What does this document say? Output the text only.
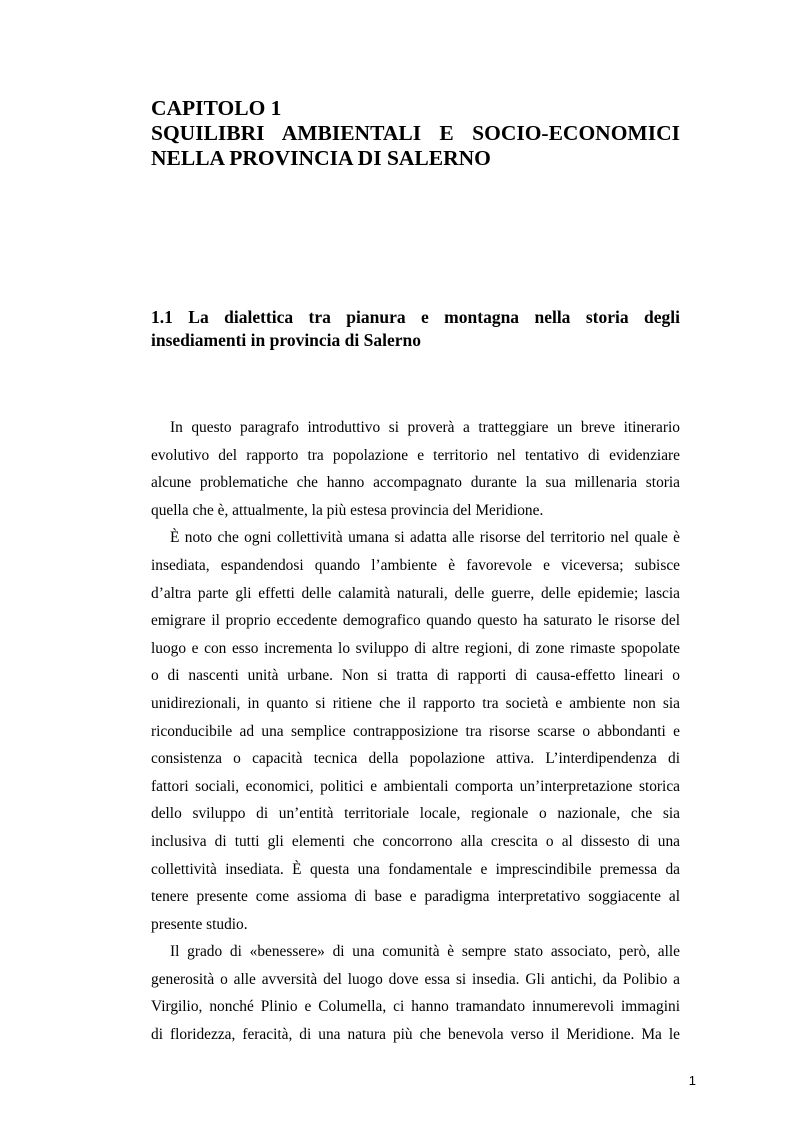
CAPITOLO 1
SQUILIBRI AMBIENTALI E SOCIO-ECONOMICI
NELLA PROVINCIA DI SALERNO
1.1 La dialettica tra pianura e montagna nella storia degli
insediamenti in provincia di Salerno

In questo paragrafo introduttivo si proverà a tratteggiare un breve itinerario
evolutivo del rapporto tra popolazione e territorio nel tentativo di evidenziare
alcune problematiche che hanno accompagnato durante la sua millenaria storia
quella che è, attualmente, la più estesa provincia del Meridione.

È noto che ogni collettività umana si adatta alle risorse del territorio nel quale è
insediata, espandendosi quando l’ambiente è favorevole e viceversa; subisce
d’altra parte gli effetti delle calamità naturali, delle guerre, delle epidemie; lascia
emigrare il proprio eccedente demografico quando questo ha saturato le risorse del
luogo e con esso incrementa lo sviluppo di altre regioni, di zone rimaste spopolate
o di nascenti unità urbane. Non si tratta di rapporti di causa-effetto lineari o
unidirezionali, in quanto si ritiene che il rapporto tra società e ambiente non sia
riconducibile ad una semplice contrapposizione tra risorse scarse o abbondanti e
consistenza o capacità tecnica della popolazione attiva. L’interdipendenza di
fattori sociali, economici, politici e ambientali comporta un’interpretazione storica
dello sviluppo di un’entità territoriale locale, regionale o nazionale, che sia
inclusiva di tutti gli elementi che concorrono alla crescita o al dissesto di una
collettività insediata. È questa una fondamentale e imprescindibile premessa da
tenere presente come assioma di base e paradigma interpretativo soggiacente al
presente studio.

Il grado di «benessere» di una comunità è sempre stato associato, però, alle
generosità o alle avversità del luogo dove essa si insedia. Gli antichi, da Polibio a
Virgilio, nonché Plinio e Columella, ci hanno tramandato innumerevoli immagini
di floridezza, feracità, di una natura più che benevola verso il Meridione. Ma le

1
